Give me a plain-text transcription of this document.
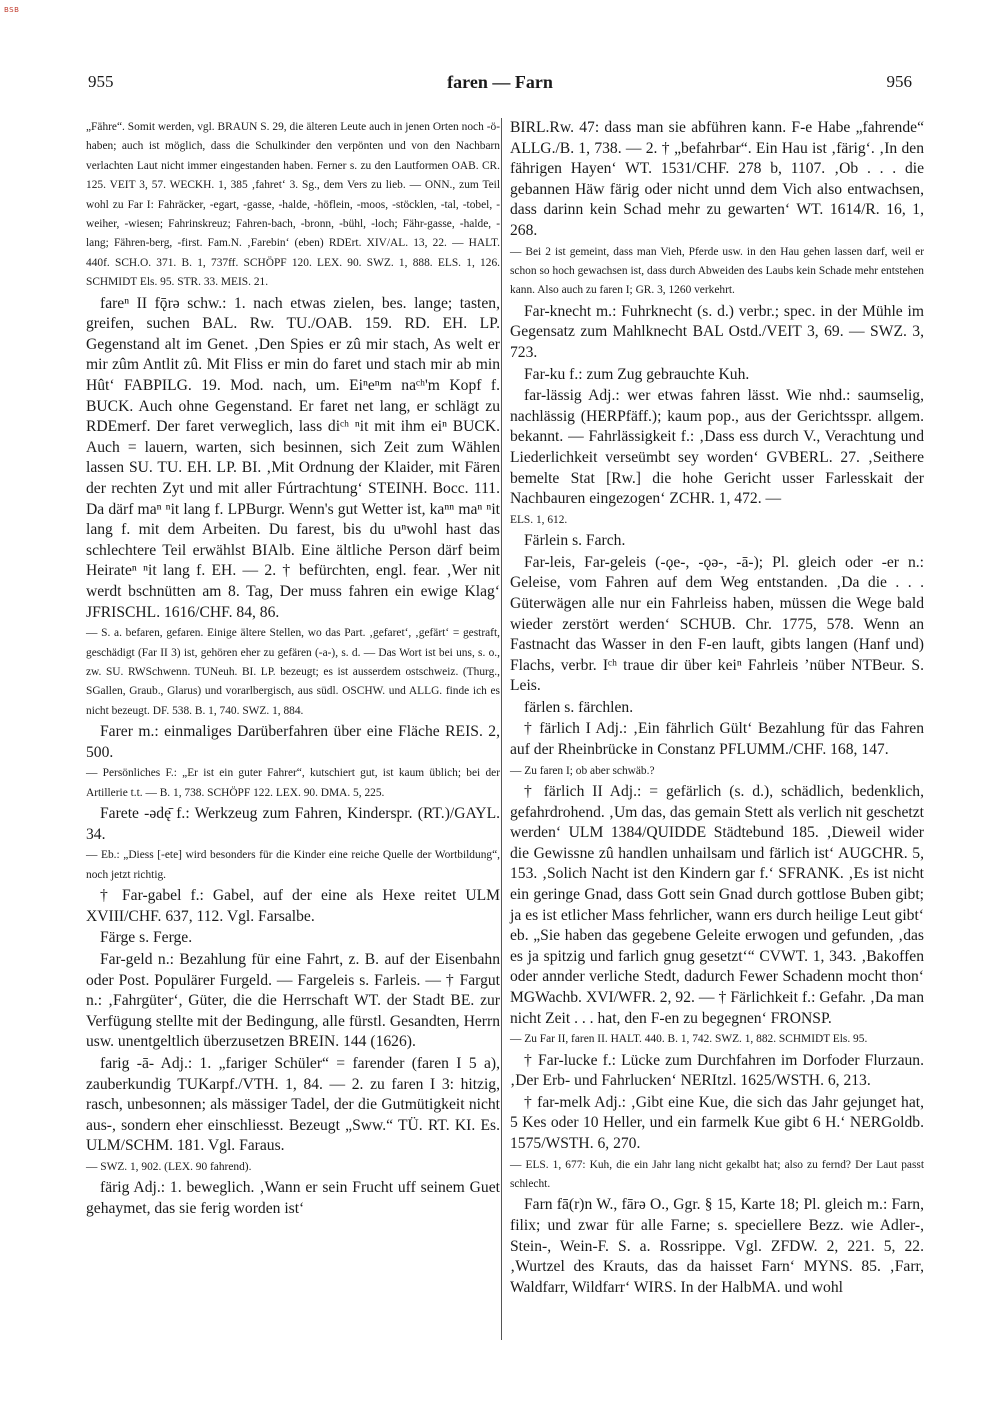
BSB
955	faren — Farn	956

„Fähre“. Somit werden, vgl. BRAUN S. 29, die älteren Leute auch in jenen Orten noch -ö- haben; auch ist möglich, dass die Schulkinder den verpönten und von den Nachbarn verlachten Laut nicht immer eingestanden haben. Ferner s. zu den Lautformen OAB. CR. 125. VEIT 3, 57. WECKH. 1, 385 ‚fahret‘ 3. Sg., dem Vers zu lieb. — ONN., zum Teil wohl zu Far I: Fahräcker, -egart, -gasse, -halde, -höflein, -moos, -stöcklen, -tal, -tobel, -weiher, -wiesen; Fahrinskreuz; Fahren-bach, -bronn, -bühl, -loch; Fähr-gasse, -halde, -lang; Fähren-berg, -first. Fam.N. ‚Farebin‘ (eben) RDErt. XIV/AL. 13, 22. — HALT. 440f. SCH.O. 371. B. 1, 737ff. SCHÖPF 120. LEX. 90. SWZ. 1, 888. ELS. 1, 126. SCHMIDT Els. 95. STR. 33. MEIS. 21.

fareⁿ II fǭrə schw.: 1. nach etwas zielen, bes. lange; tasten, greifen, suchen BAL. Rw. TU./OAB. 159. RD. EH. LP. Gegenstand alt im Genet. ‚Den Spies er zû mir stach, As welt er mir zûm Antlit zû. Mit Fliss er min do faret und stach mir ab min Hût‘ FABPILG. 19. Mod. nach, um. Eiⁿeⁿm naᶜʰ'm Kopf f. BUCK. Auch ohne Gegenstand. Er faret net lang, er schlägt zu RDEmerf. Der faret verweglich, lass diᶜʰ ⁿit mit ihm eiⁿ BUCK. Auch = lauern, warten, sich besinnen, sich Zeit zum Wählen lassen SU. TU. EH. LP. BI. ‚Mit Ordnung der Klaider, mit Fären der rechten Zyt und mit aller Fúrtrachtung‘ STEINH. Bocc. 111. Da därf maⁿ ⁿit lang f. LPBurgr. Wenn's gut Wetter ist, kaⁿⁿ maⁿ ⁿit lang f. mit dem Arbeiten. Du farest, bis du uⁿwohl hast das schlechtere Teil erwählst BIAlb. Eine ältliche Person därf beim Heirateⁿ ⁿit lang f. EH. — 2. † befürchten, engl. fear. ‚Wer nit werdt bschnütten am 8. Tag, Der muss fahren ein ewige Klag‘ JFRISCHL. 1616/CHF. 84, 86.

— S. a. befaren, gefaren. Einige ältere Stellen, wo das Part. ‚gefaret‘, ‚gefärt‘ = gestraft, geschädigt (Far II 3) ist, gehören eher zu gefären (-a-), s. d. — Das Wort ist bei uns, s. o., zw. SU. RWSchwenn. TUNeuh. BI. LP. bezeugt; es ist ausserdem ostschweiz. (Thurg., SGallen, Graub., Glarus) und vorarlbergisch, aus südl. OSCHW. und ALLG. finde ich es nicht bezeugt. DF. 538. B. 1, 740. SWZ. 1, 884.

Farer m.: einmaliges Darüberfahren über eine Fläche REIS. 2, 500.

— Persönliches F.: „Er ist ein guter Fahrer“, kutschiert gut, ist kaum üblich; bei der Artillerie t.t. — B. 1, 738. SCHÖPF 122. LEX. 90. DMA. 5, 225.

Farete -ədę̄ f.: Werkzeug zum Fahren, Kinderspr. (RT.)/GAYL. 34.

— Eb.: „Diess [-ete] wird besonders für die Kinder eine reiche Quelle der Wortbildung“, noch jetzt richtig.

† Far-gabel f.: Gabel, auf der eine als Hexe reitet ULM XVIII/CHF. 637, 112. Vgl. Farsalbe.

Färge s. Ferge.

Far-geld n.: Bezahlung für eine Fahrt, z. B. auf der Eisenbahn oder Post. Populärer Furgeld. — Fargeleis s. Farleis. — † Fargut n.: ‚Fahrgüter‘, Güter, die die Herrschaft WT. der Stadt BE. zur Verfügung stellte mit der Bedingung, alle fürstl. Gesandten, Herrn usw. unentgeltlich überzusetzen BREIN. 144 (1626).

farig -ā- Adj.: 1. „fariger Schüler“ = farender (faren I 5 a), zauberkundig TUKarpf./VTH. 1, 84. — 2. zu faren I 3: hitzig, rasch, unbesonnen; als mässiger Tadel, der die Gutmütigkeit nicht aus-, sondern eher einschliesst. Bezeugt „Sww.“ TÜ. RT. KI. Es. ULM/SCHM. 181. Vgl. Faraus.

— SWZ. 1, 902. (LEX. 90 fahrend).

färig Adj.: 1. beweglich. ‚Wann er sein Frucht uff seinem Guet gehaymet, das sie ferig worden ist‘

BIRL.Rw. 47: dass man sie abführen kann. F-e Habe „fahrende“ ALLG./B. 1, 738. — 2. † „befahrbar“. Ein Hau ist ‚färig‘. ‚In den fährigen Hayen‘ WT. 1531/CHF. 278 b, 1107. ‚Ob . . . die gebannen Häw färig oder nicht unnd dem Vich also entwachsen, dass darinn kein Schad mehr zu gewarten‘ WT. 1614/R. 16, 1, 268.

— Bei 2 ist gemeint, dass man Vieh, Pferde usw. in den Hau gehen lassen darf, weil er schon so hoch gewachsen ist, dass durch Abweiden des Laubs kein Schade mehr entstehen kann. Also auch zu faren I; GR. 3, 1260 verkehrt.

Far-knecht m.: Fuhrknecht (s. d.) verbr.; spec. in der Mühle im Gegensatz zum Mahlknecht BAL Ostd./VEIT 3, 69. — SWZ. 3, 723.

Far-ku f.: zum Zug gebrauchte Kuh.

far-lässig Adj.: wer etwas fahren lässt. Wie nhd.: saumselig, nachlässig (HERPfäff.); kaum pop., aus der Gerichtsspr. allgem. bekannt. — Fahrlässigkeit f.: ‚Dass ess durch V., Verachtung und Liederlichkeit verseümbt sey worden‘ GVBERL. 27. ‚Seithere bemelte Stat [Rw.] die hohe Gericht usser Farlesskait der Nachbauren eingezogen‘ ZCHR. 1, 472. —

ELS. 1, 612.

Färlein s. Farch.

Far-leis, Far-geleis (-ǫe-, -ǫə-, -ā-); Pl. gleich oder -er n.: Geleise, vom Fahren auf dem Weg entstanden. ‚Da die . . . Güterwägen alle nur ein Fahrleiss haben, müssen die Wege bald wieder zerstört werden‘ SCHUB. Chr. 1775, 578. Wenn an Fastnacht das Wasser in den F-en lauft, gibts langen (Hanf und) Flachs, verbr. Iᶜʰ traue dir über keiⁿ Fahrleis ’nüber NTBeur. S. Leis.

färlen s. färchlen.

† färlich I Adj.: ‚Ein fährlich Gült‘ Bezahlung für das Fahren auf der Rheinbrücke in Constanz PFLUMM./CHF. 168, 147.

— Zu faren I; ob aber schwäb.?

† färlich II Adj.: = gefärlich (s. d.), schädlich, bedenklich, gefahrdrohend. ‚Um das, das gemain Stett als verlich nit geschetzt werden‘ ULM 1384/QUIDDE Städtebund 185. ‚Dieweil wider die Gewissne zû handlen unhailsam und färlich ist‘ AUGCHR. 5, 153. ‚Solich Nacht ist den Kindern gar f.‘ SFRANK. ‚Es ist nicht ein geringe Gnad, dass Gott sein Gnad durch gottlose Buben gibt; ja es ist etlicher Mass fehrlicher, wann ers durch heilige Leut gibt‘ eb. „Sie haben das gegebene Geleite erwogen und gefunden, ‚das es ja spitzig und farlich gnug gesetzt‘“ CVWT. 1, 343. ‚Bakoffen oder annder verliche Stedt, dadurch Fewer Schadenn mocht thon‘ MGWachb. XVI/WFR. 2, 92. — † Färlichkeit f.: Gefahr. ‚Da man nicht Zeit . . . hat, den F-en zu begegnen‘ FRONSP.

— Zu Far II, faren II. HALT. 440. B. 1, 742. SWZ. 1, 882. SCHMIDT Els. 95.

† Far-lucke f.: Lücke zum Durchfahren im Dorfoder Flurzaun. ‚Der Erb- und Fahrlucken‘ NERItzl. 1625/WSTH. 6, 213.

† far-melk Adj.: ‚Gibt eine Kue, die sich das Jahr gejunget hat, 5 Kes oder 10 Heller, und ein farmelk Kue gibt 6 H.‘ NERGoldb. 1575/WSTH. 6, 270.

— ELS. 1, 677: Kuh, die ein Jahr lang nicht gekalbt hat; also zu fernd? Der Laut passt schlecht.

Farn fā(r)n W., fārə O., Ggr. § 15, Karte 18; Pl. gleich m.: Farn, filix; und zwar für alle Farne; s. speciellere Bezz. wie Adler-, Stein-, Wein-F. S. a. Rossrippe. Vgl. ZFDW. 2, 221. 5, 22. ‚Wurtzel des Krauts, das da haisset Farn‘ MYNS. 85. ‚Farr, Waldfarr, Wildfarr‘ WIRS. In der HalbMA. und wohl
